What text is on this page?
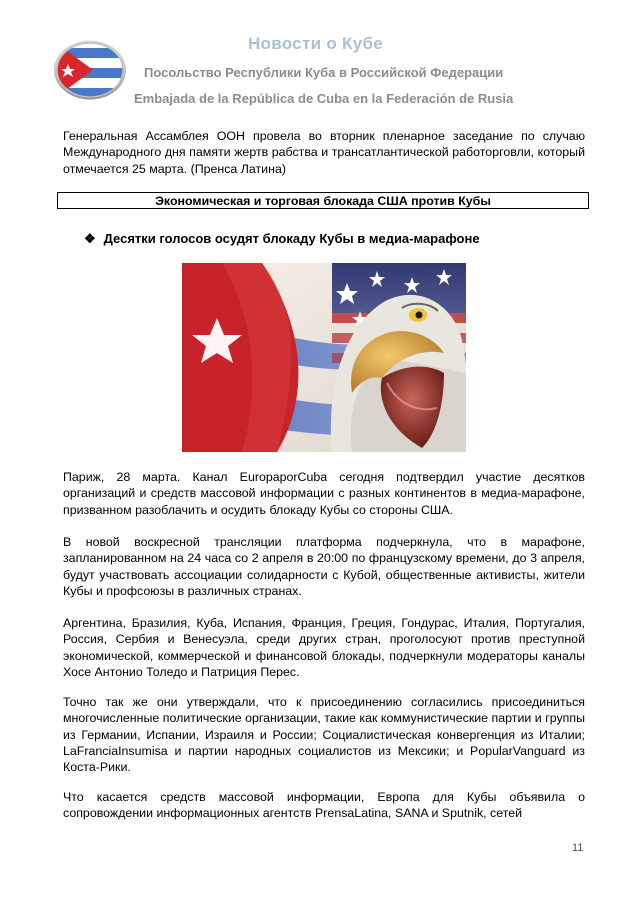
Новости о Кубе
Посольство Республики Куба в Российской Федерации
Embajada de la República de Cuba en la Federación de Rusia

Генеральная Ассамблея ООН провела во вторник пленарное заседание по случаю Международного дня памяти жертв рабства и трансатлантической работорговли, который отмечается 25 марта. (Пренса Латина)

Экономическая и торговая блокада США против Кубы
❖ Десятки голосов осудят блокаду Кубы в медиа-марафоне

Париж, 28 марта. Канал EuropaporCuba сегодня подтвердил участие десятков организаций и средств массовой информации с разных континентов в медиа-марафоне, призванном разоблачить и осудить блокаду Кубы со стороны США.

В новой воскресной трансляции платформа подчеркнула, что в марафоне, запланированном на 24 часа со 2 апреля в 20:00 по французскому времени, до 3 апреля, будут участвовать ассоциации солидарности с Кубой, общественные активисты, жители Кубы и профсоюзы в различных странах.

Аргентина, Бразилия, Куба, Испания, Франция, Греция, Гондурас, Италия, Португалия, Россия, Сербия и Венесуэла, среди других стран, проголосуют против преступной экономической, коммерческой и финансовой блокады, подчеркнули модераторы каналы Хосе Антонио Толедо и Патриция Перес.

Точно так же они утверждали, что к присоединению согласились присоединиться многочисленные политические организации, такие как коммунистические партии и группы из Германии, Испании, Израиля и России; Социалистическая конвергенция из Италии; LaFranciaInsumisa и партии народных социалистов из Мексики; и PopularVanguard из Коста-Рики.

Что касается средств массовой информации, Европа для Кубы объявила о сопровождении информационных агентств PrensaLatina, SANA и Sputnik, сетей

11
